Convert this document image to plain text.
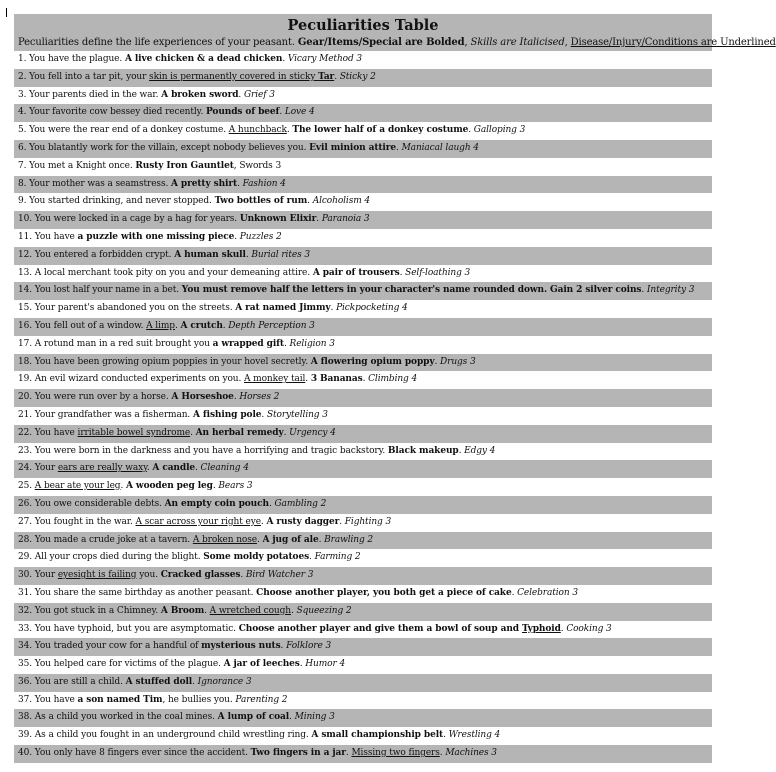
Peculiarities Table
Peculiarities define the life experiences of your peasant. Gear/Items/Special are Bolded, Skills are Italicised, Disease/Injury/Conditions are Underlined
1. You have the plague. A live chicken & a dead chicken. Vicary Method 3
2. You fell into a tar pit, your skin is permanently covered in sticky Tar. Sticky 2
3. Your parents died in the war. A broken sword. Grief 3
4. Your favorite cow bessey died recently. Pounds of beef. Love 4
5. You were the rear end of a donkey costume. A hunchback. The lower half of a donkey costume. Galloping 3
6. You blatantly work for the villain, except nobody believes you. Evil minion attire. Maniacal laugh 4
7. You met a Knight once. Rusty Iron Gauntlet, Swords 3
8. Your mother was a seamstress. A pretty shirt. Fashion 4
9. You started drinking, and never stopped. Two bottles of rum. Alcoholism 4
10. You were locked in a cage by a hag for years. Unknown Elixir. Paranoia 3
11. You have a puzzle with one missing piece. Puzzles 2
12. You entered a forbidden crypt. A human skull. Burial rites 3
13. A local merchant took pity on you and your demeaning attire. A pair of trousers. Self-loathing 3
14. You lost half your name in a bet. You must remove half the letters in your character's name rounded down. Gain 2 silver coins. Integrity 3
15. Your parent's abandoned you on the streets. A rat named Jimmy. Pickpocketing 4
16. You fell out of a window. A limp. A crutch. Depth Perception 3
17. A rotund man in a red suit brought you a wrapped gift. Religion 3
18. You have been growing opium poppies in your hovel secretly. A flowering opium poppy. Drugs 3
19. An evil wizard conducted experiments on you. A monkey tail. 3 Bananas. Climbing 4
20. You were run over by a horse. A Horseshoe. Horses 2
21. Your grandfather was a fisherman. A fishing pole. Storytelling 3
22. You have irritable bowel syndrome. An herbal remedy. Urgency 4
23. You were born in the darkness and you have a horrifying and tragic backstory. Black makeup. Edgy 4
24. Your ears are really waxy. A candle. Cleaning 4
25. A bear ate your leg. A wooden peg leg. Bears 3
26. You owe considerable debts. An empty coin pouch. Gambling 2
27. You fought in the war. A scar across your right eye. A rusty dagger. Fighting 3
28. You made a crude joke at a tavern. A broken nose. A jug of ale. Brawling 2
29. All your crops died during the blight. Some moldy potatoes. Farming 2
30. Your eyesight is failing you. Cracked glasses. Bird Watcher 3
31. You share the same birthday as another peasant. Choose another player, you both get a piece of cake. Celebration 3
32. You got stuck in a Chimney. A Broom. A wretched cough. Squeezing 2
33. You have typhoid, but you are asymptomatic. Choose another player and give them a bowl of soup and Typhoid. Cooking 3
34. You traded your cow for a handful of mysterious nuts. Folklore 3
35. You helped care for victims of the plague. A jar of leeches. Humor 4
36. You are still a child. A stuffed doll. Ignorance 3
37. You have a son named Tim, he bullies you. Parenting 2
38. As a child you worked in the coal mines. A lump of coal. Mining 3
39. As a child you fought in an underground child wrestling ring. A small championship belt. Wrestling 4
40. You only have 8 fingers ever since the accident. Two fingers in a jar. Missing two fingers. Machines 3
